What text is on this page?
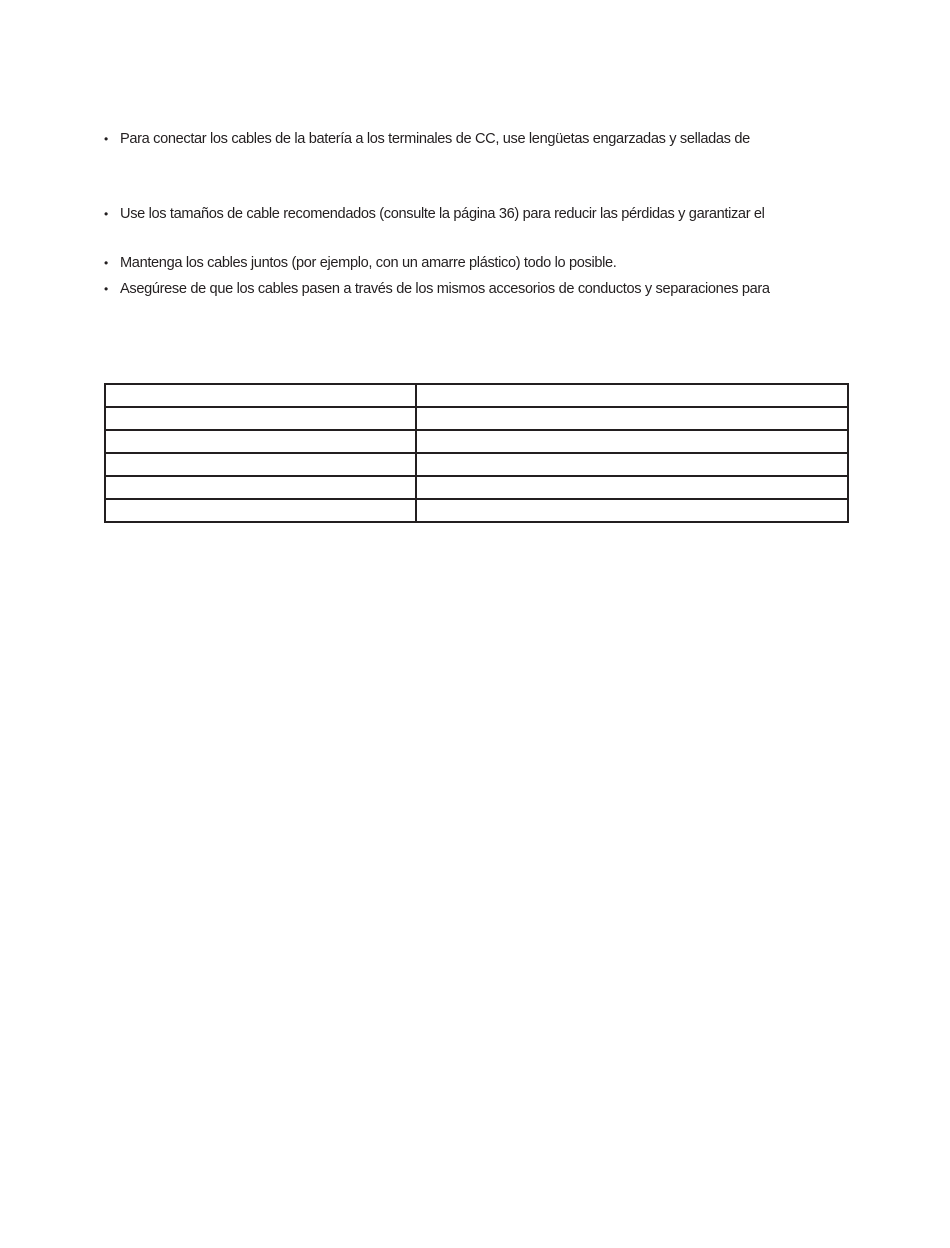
• Para conectar los cables de la batería a los terminales de CC, use lengüetas engarzadas y selladas de
• Use los tamaños de cable recomendados (consulte la página 36) para reducir las pérdidas y garantizar el
• Mantenga los cables juntos (por ejemplo, con un amarre plástico) todo lo posible.
• Asegúrese de que los cables pasen a través de los mismos accesorios de conductos y separaciones para
